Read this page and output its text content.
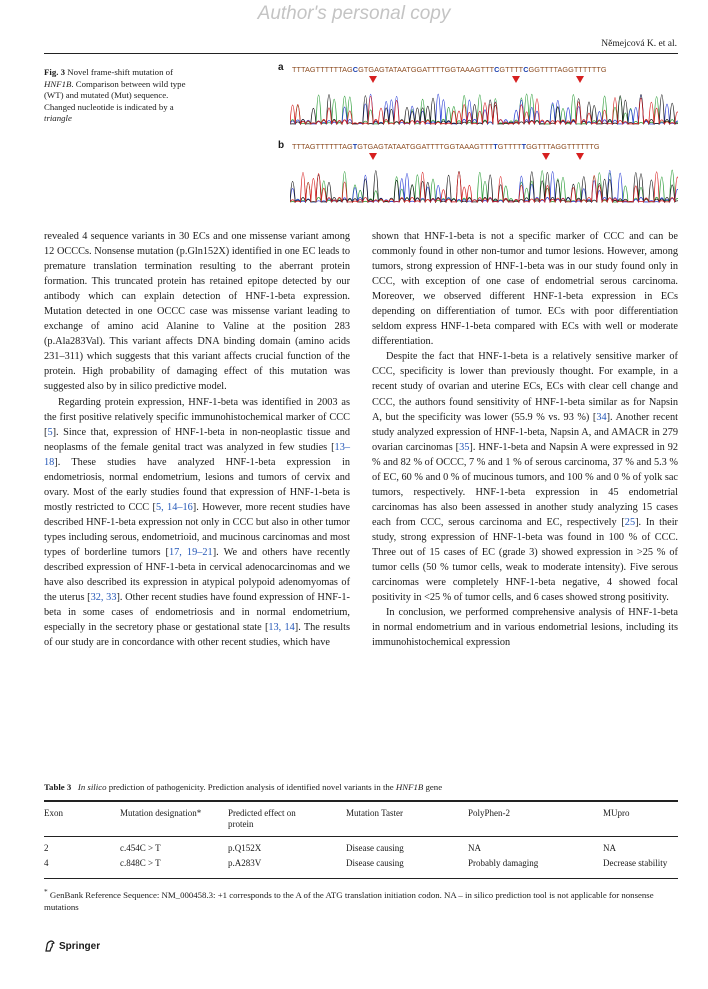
Author's personal copy
Němejcová K. et al.
Fig. 3 Novel frame-shift mutation of HNF1B. Comparison between wild type (WT) and mutated (Mut) sequence. Changed nucleotide is indicated by a triangle
a TTTAGTTTTTTAGCGTGAGTATAATGGATTTTGGTAAAGTTTCGTTTTCGGTTTTAGGTTTTTTG
b TTTAGTTTTTTAGTGTGAGTATAATGGATTTTGGTAAAGTTTTGTTTTTGGTTTAGGTTTTTTG

revealed 4 sequence variants in 30 ECs and one missense variant among 12 OCCCs. Nonsense mutation (p.Gln152X) identified in one EC leads to premature translation termination resulting to the aberrant protein formation. This truncated protein has retained epitope detected by our antibody which can explain detection of HNF-1-beta expression. Mutation detected in one OCCC case was missense variant leading to exchange of amino acid Alanine to Valine at the position 283 (p.Ala283Val). This variant affects DNA binding domain (amino acids 231–311) which suggests that this variant affects crucial function of the protein. High probability of damaging effect of this mutation was suggested also by in silico predictive model.

Regarding protein expression, HNF-1-beta was identified in 2003 as the first positive relatively specific immunohistochemical marker of CCC [5]. Since that, expression of HNF-1-beta in non-neoplastic tissue and neoplasms of the female genital tract was analyzed in few studies [13–18]. These studies have analyzed HNF-1-beta expression in endometriosis, normal endometrium, lesions and tumors of cervix and ovary. Most of the early studies found that expression of HNF-1-beta is mostly restricted to CCC [5, 14–16]. However, more recent studies have described HNF-1-beta expression not only in CCC but also in other tumor types including serous, endometrioid, and mucinous carcinomas and most types of borderline tumors [17, 19–21]. We and others have recently described expression of HNF-1-beta in cervical adenocarcinomas and we have also described its expression in atypical polypoid adenomyomas of the uterus [32, 33]. Other recent studies have found expression of HNF-1-beta in some cases of endometriosis and in normal endometrium, especially in the secretory phase or gestational state [13, 14]. The results of our study are in concordance with other recent studies, which have

shown that HNF-1-beta is not a specific marker of CCC and can be commonly found in other non-tumor and tumor lesions. However, among tumors, strong expression of HNF-1-beta was in our study found only in CCC, with exception of one case of endometrial serous carcinoma. Moreover, we observed different HNF-1-beta expression in ECs depending on differentiation of tumor. ECs with poor differentiation seldom express HNF-1-beta compared with ECs with well or moderate differentiation.

Despite the fact that HNF-1-beta is a relatively sensitive marker of CCC, specificity is lower than previously thought. For example, in a recent study of ovarian and uterine ECs, ECs with clear cell change and CCC, the authors found sensitivity of HNF-1-beta similar as for Napsin A, but the specificity was lower (55.9 % vs. 93 %) [34]. Another recent study analyzed expression of HNF-1-beta, Napsin A, and AMACR in 279 ovarian carcinomas [35]. HNF-1-beta and Napsin A were expressed in 92 % and 82 % of OCCC, 7 % and 1 % of serous carcinoma, 37 % and 5.3 % of EC, 60 % and 0 % of mucinous tumors, and 100 % and 0 % of yolk sac tumors, respectively. HNF-1-beta expression in 45 endometrial carcinomas has also been assessed in another study analyzing 15 cases each from CCC, serous carcinoma and EC, respectively [25]. In their study, strong expression of HNF-1-beta was found in 100 % of CCC. Three out of 15 cases of EC (grade 3) showed expression in >25 % of tumor cells (50 % tumor cells, weak to moderate intensity). Five serous carcinomas were completely HNF-1-beta negative, 4 showed focal positivity in <25 % of tumor cells, and 6 cases showed strong positivity.

In conclusion, we performed comprehensive analysis of HNF-1-beta in normal endometrium and in various endometrial lesions, including its immunohistochemical expression

Table 3 In silico prediction of pathogenicity. Prediction analysis of identified novel variants in the HNF1B gene
Exon	Mutation designation*	Predicted effect on protein	Mutation Taster	PolyPhen-2	MUpro
2	c.454C > T	p.Q152X	Disease causing	NA	NA
4	c.848C > T	p.A283V	Disease causing	Probably damaging	Decrease stability
* GenBank Reference Sequence: NM_000458.3: +1 corresponds to the A of the ATG translation initiation codon. NA – in silico prediction tool is not applicable for nonsense mutations
Springer
